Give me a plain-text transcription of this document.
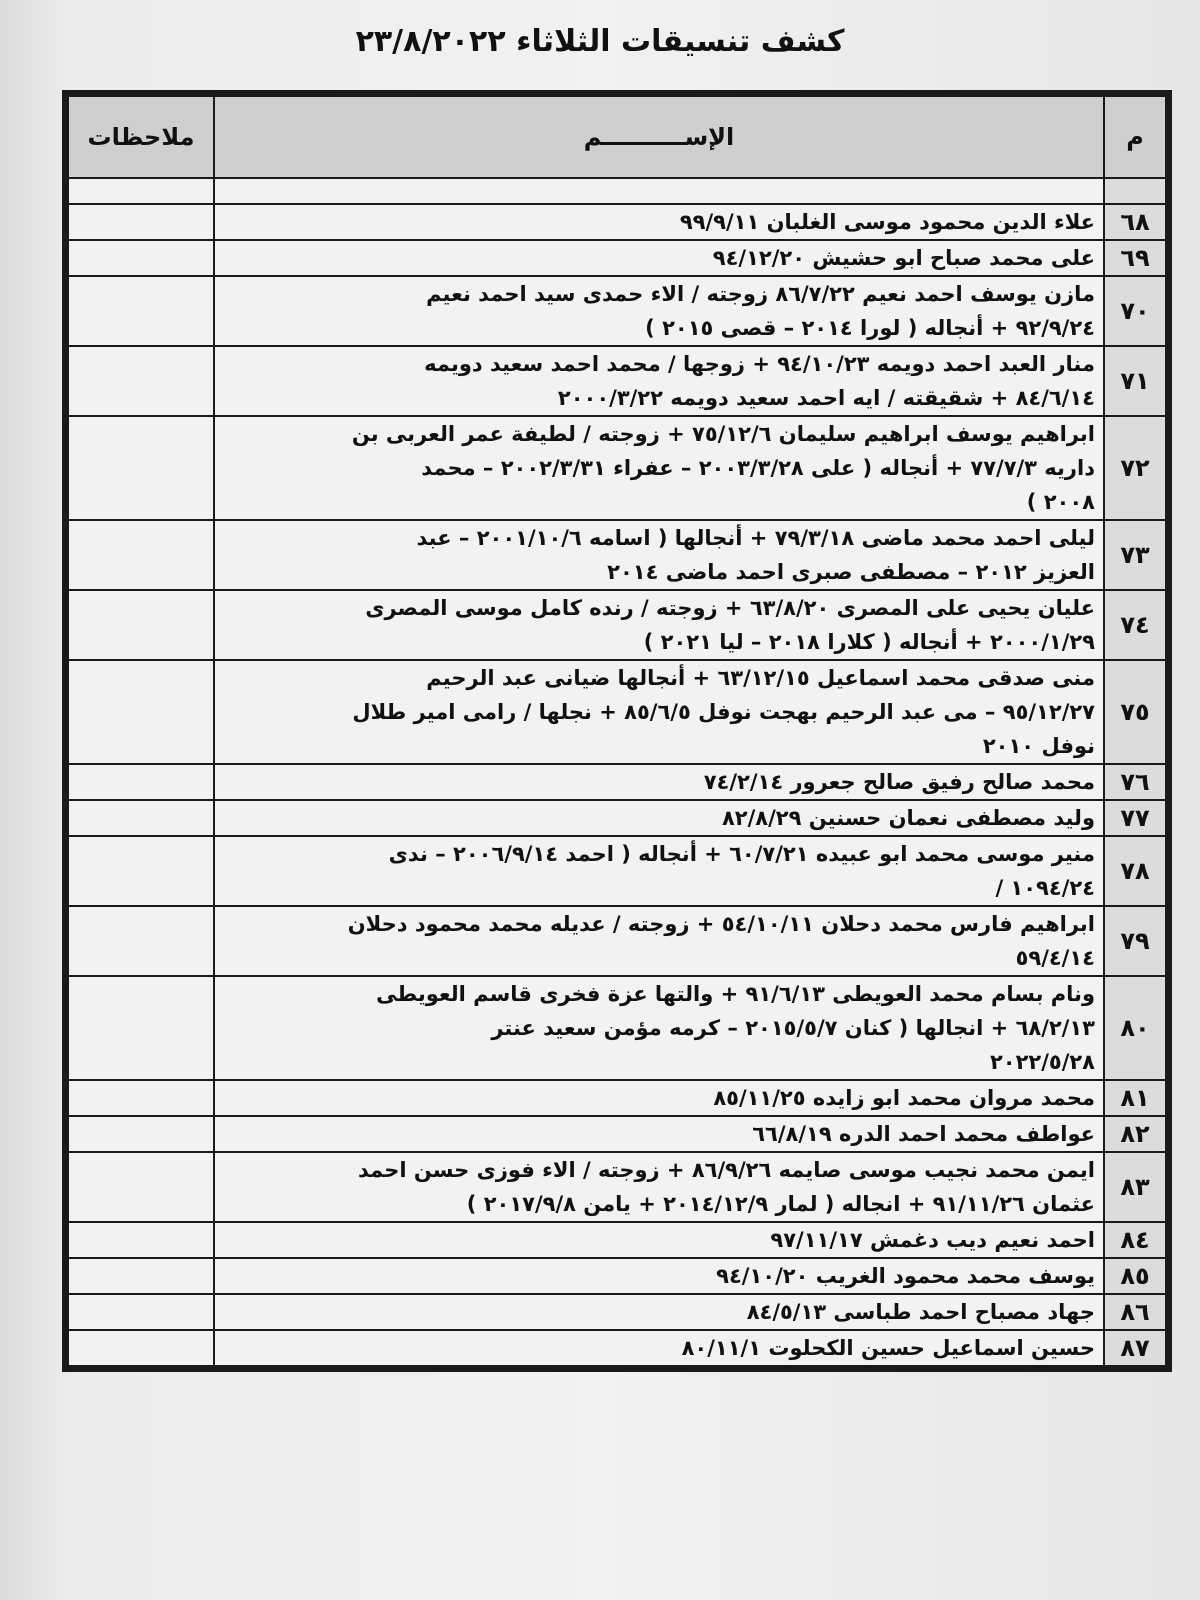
كشف تنسيقات الثلاثاء ٢٣/٨/٢٠٢٢
م	الإســــــــــم	ملاحظات

٦٨	علاء الدين محمود موسى الغلبان ٩٩/٩/١١	
٦٩	على محمد صباح ابو حشيش ٩٤/١٢/٢٠	
٧٠	مازن يوسف احمد نعيم ٨٦/٧/٢٢ زوجته / الاء حمدى سيد احمد نعيم
٩٢/٩/٢٤ + أنجاله ( لورا ٢٠١٤ – قصى ٢٠١٥ )	
٧١	منار العبد احمد دويمه ٩٤/١٠/٢٣ + زوجها / محمد احمد سعيد دويمه
٨٤/٦/١٤ + شقيقته / ايه احمد سعيد دويمه ٢٠٠٠/٣/٢٢	
٧٢	ابراهيم يوسف ابراهيم سليمان ٧٥/١٢/٦ + زوجته / لطيفة عمر العربى بن
داريه ٧٧/٧/٣ + أنجاله ( على ٢٠٠٣/٣/٢٨ – عفراء ٢٠٠٢/٣/٣١ – محمد
٢٠٠٨ )	
٧٣	ليلى احمد محمد ماضى ٧٩/٣/١٨ + أنجالها ( اسامه ٢٠٠١/١٠/٦ – عبد
العزيز ٢٠١٢ – مصطفى صبرى احمد ماضى ٢٠١٤	
٧٤	عليان يحيى على المصرى ٦٣/٨/٢٠ + زوجته / رنده كامل موسى المصرى
٢٠٠٠/١/٢٩ + أنجاله ( كلارا ٢٠١٨ – ليا ٢٠٢١ )	
٧٥	منى صدقى محمد اسماعيل ٦٣/١٢/١٥ + أنجالها ضيانى عبد الرحيم
٩٥/١٢/٢٧ – مى عبد الرحيم بهجت نوفل ٨٥/٦/٥ + نجلها / رامى امير طلال
نوفل ٢٠١٠	
٧٦	محمد صالح رفيق صالح جعرور ٧٤/٢/١٤	
٧٧	وليد مصطفى نعمان حسنين ٨٢/٨/٢٩	
٧٨	منير موسى محمد ابو عبيده ٦٠/٧/٢١ + أنجاله ( احمد ٢٠٠٦/٩/١٤ – ندى
١٠٩٤/٢٤ /	
٧٩	ابراهيم فارس محمد دحلان ٥٤/١٠/١١ + زوجته / عديله محمد محمود دحلان
٥٩/٤/١٤	
٨٠	ونام بسام محمد العويطى ٩١/٦/١٣ + والتها عزة فخرى قاسم العويطى
٦٨/٢/١٣ + انجالها ( كنان ٢٠١٥/٥/٧ – كرمه مؤمن سعيد عنتر
٢٠٢٢/٥/٢٨	
٨١	محمد مروان محمد ابو زايده ٨٥/١١/٢٥	
٨٢	عواطف محمد احمد الدره ٦٦/٨/١٩	
٨٣	ايمن محمد نجيب موسى صايمه ٨٦/٩/٢٦ + زوجته / الاء فوزى حسن احمد
عثمان ٩١/١١/٢٦ + انجاله ( لمار ٢٠١٤/١٢/٩ + يامن ٢٠١٧/٩/٨ )	
٨٤	احمد نعيم ديب دغمش ٩٧/١١/١٧	
٨٥	يوسف محمد محمود الغريب ٩٤/١٠/٢٠	
٨٦	جهاد مصباح احمد طباسى ٨٤/٥/١٣	
٨٧	حسين اسماعيل حسين الكحلوت ٨٠/١١/١	
